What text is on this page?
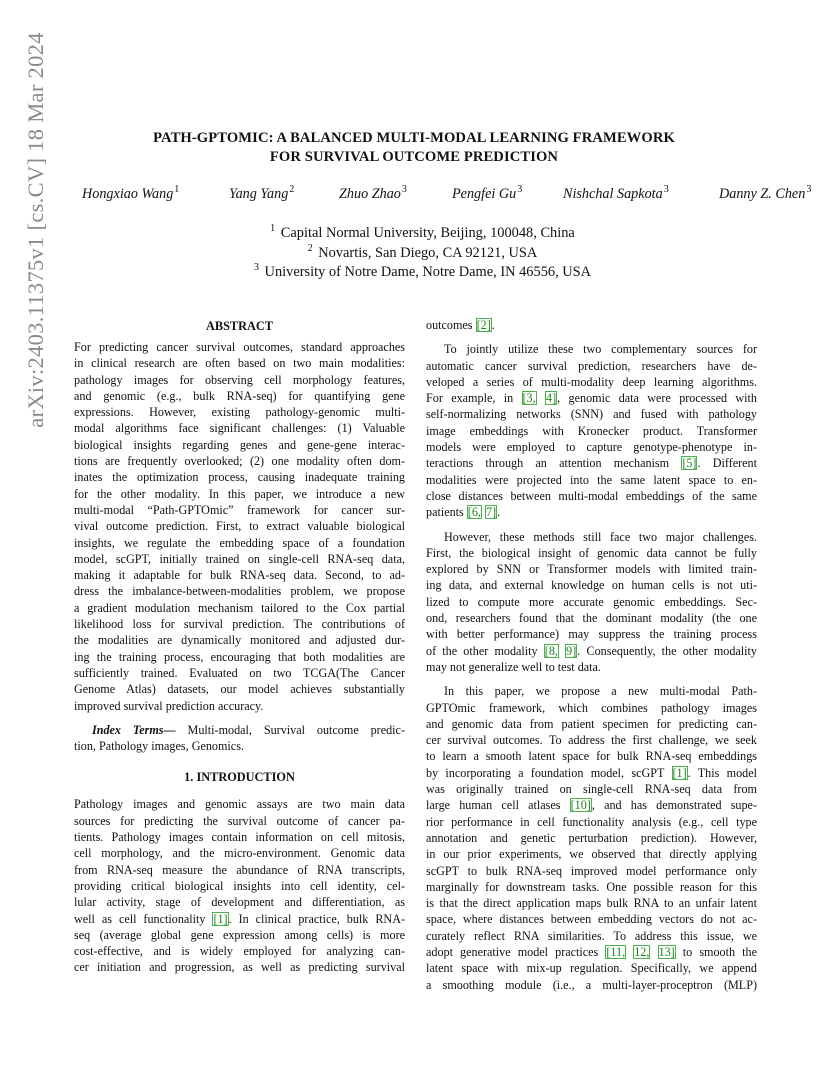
PATH-GPTOMIC: A BALANCED MULTI-MODAL LEARNING FRAMEWORK
FOR SURVIVAL OUTCOME PREDICTION
Hongxiao Wang$^1$	Yang Yang$^2$	Zhuo Zhao$^3$	Pengfei Gu$^3$	Nishchal Sapkota$^3$	Danny Z. Chen$^3$
$^1$ Capital Normal University, Beijing, 100048, China
$^2$ Novartis, San Diego, CA 92121, USA
$^3$ University of Notre Dame, Notre Dame, IN 46556, USA
arXiv:2403.11375v1 [cs.CV] 18 Mar 2024	ABSTRACT
For predicting cancer survival outcomes, standard approaches
in clinical research are often based on two main modalities:
pathology images for observing cell morphology features,
and genomic (e.g., bulk RNA-seq) for quantifying gene
expressions. However, existing pathology-genomic multi-
modal algorithms face significant challenges: (1) Valuable
biological insights regarding genes and gene-gene interac-
tions are frequently overlooked; (2) one modality often dom-
inates the optimization process, causing inadequate training
for the other modality. In this paper, we introduce a new
multi-modal “Path-GPTOmic” framework for cancer sur-
vival outcome prediction. First, to extract valuable biological
insights, we regulate the embedding space of a foundation
model, scGPT, initially trained on single-cell RNA-seq data,
making it adaptable for bulk RNA-seq data. Second, to ad-
dress the imbalance-between-modalities problem, we propose
a gradient modulation mechanism tailored to the Cox partial
likelihood loss for survival prediction. The contributions of
the modalities are dynamically monitored and adjusted dur-
ing the training process, encouraging that both modalities are
sufficiently trained. Evaluated on two TCGA(The Cancer
Genome Atlas) datasets, our model achieves substantially
improved survival prediction accuracy.
Index Terms— Multi-modal, Survival outcome predic-
tion, Pathology images, Genomics.
1. INTRODUCTION
Pathology images and genomic assays are two main data
sources for predicting the survival outcome of cancer pa-
tients. Pathology images contain information on cell mitosis,
cell morphology, and the micro-environment. Genomic data
from RNA-seq measure the abundance of RNA transcripts,
providing critical biological insights into cell identity, cel-
lular activity, stage of development and differentiation, as
well as cell functionality [1]. In clinical practice, bulk RNA-
seq (average global gene expression among cells) is more
cost-effective, and is widely employed for analyzing can-
cer initiation and progression, as well as predicting survival
outcomes [2].
To jointly utilize these two complementary sources for
automatic cancer survival prediction, researchers have de-
veloped a series of multi-modality deep learning algorithms.
For example, in [3, 4], genomic data were processed with
self-normalizing networks (SNN) and fused with pathology
image embeddings with Kronecker product. Transformer
models were employed to capture genotype-phenotype in-
teractions through an attention mechanism [5]. Different
modalities were projected into the same latent space to en-
close distances between multi-modal embeddings of the same
patients [6, 7].
However, these methods still face two major challenges.
First, the biological insight of genomic data cannot be fully
explored by SNN or Transformer models with limited train-
ing data, and external knowledge on human cells is not uti-
lized to compute more accurate genomic embeddings. Sec-
ond, researchers found that the dominant modality (the one
with better performance) may suppress the training process
of the other modality [8, 9]. Consequently, the other modality
may not generalize well to test data.
In this paper, we propose a new multi-modal Path-
GPTOmic framework, which combines pathology images
and genomic data from patient specimen for predicting can-
cer survival outcomes. To address the first challenge, we seek
to learn a smooth latent space for bulk RNA-seq embeddings
by incorporating a foundation model, scGPT [1]. This model
was originally trained on single-cell RNA-seq data from
large human cell atlases [10], and has demonstrated supe-
rior performance in cell functionality analysis (e.g., cell type
annotation and genetic perturbation prediction). However,
in our prior experiments, we observed that directly applying
scGPT to bulk RNA-seq improved model performance only
marginally for downstream tasks. One possible reason for this
is that the direct application maps bulk RNA to an unfair latent
space, where distances between embedding vectors do not ac-
curately reflect RNA similarities. To address this issue, we
adopt generative model practices [11, 12, 13] to smooth the
latent space with mix-up regulation. Specifically, we append
a smoothing module (i.e., a multi-layer-proceptron (MLP)
